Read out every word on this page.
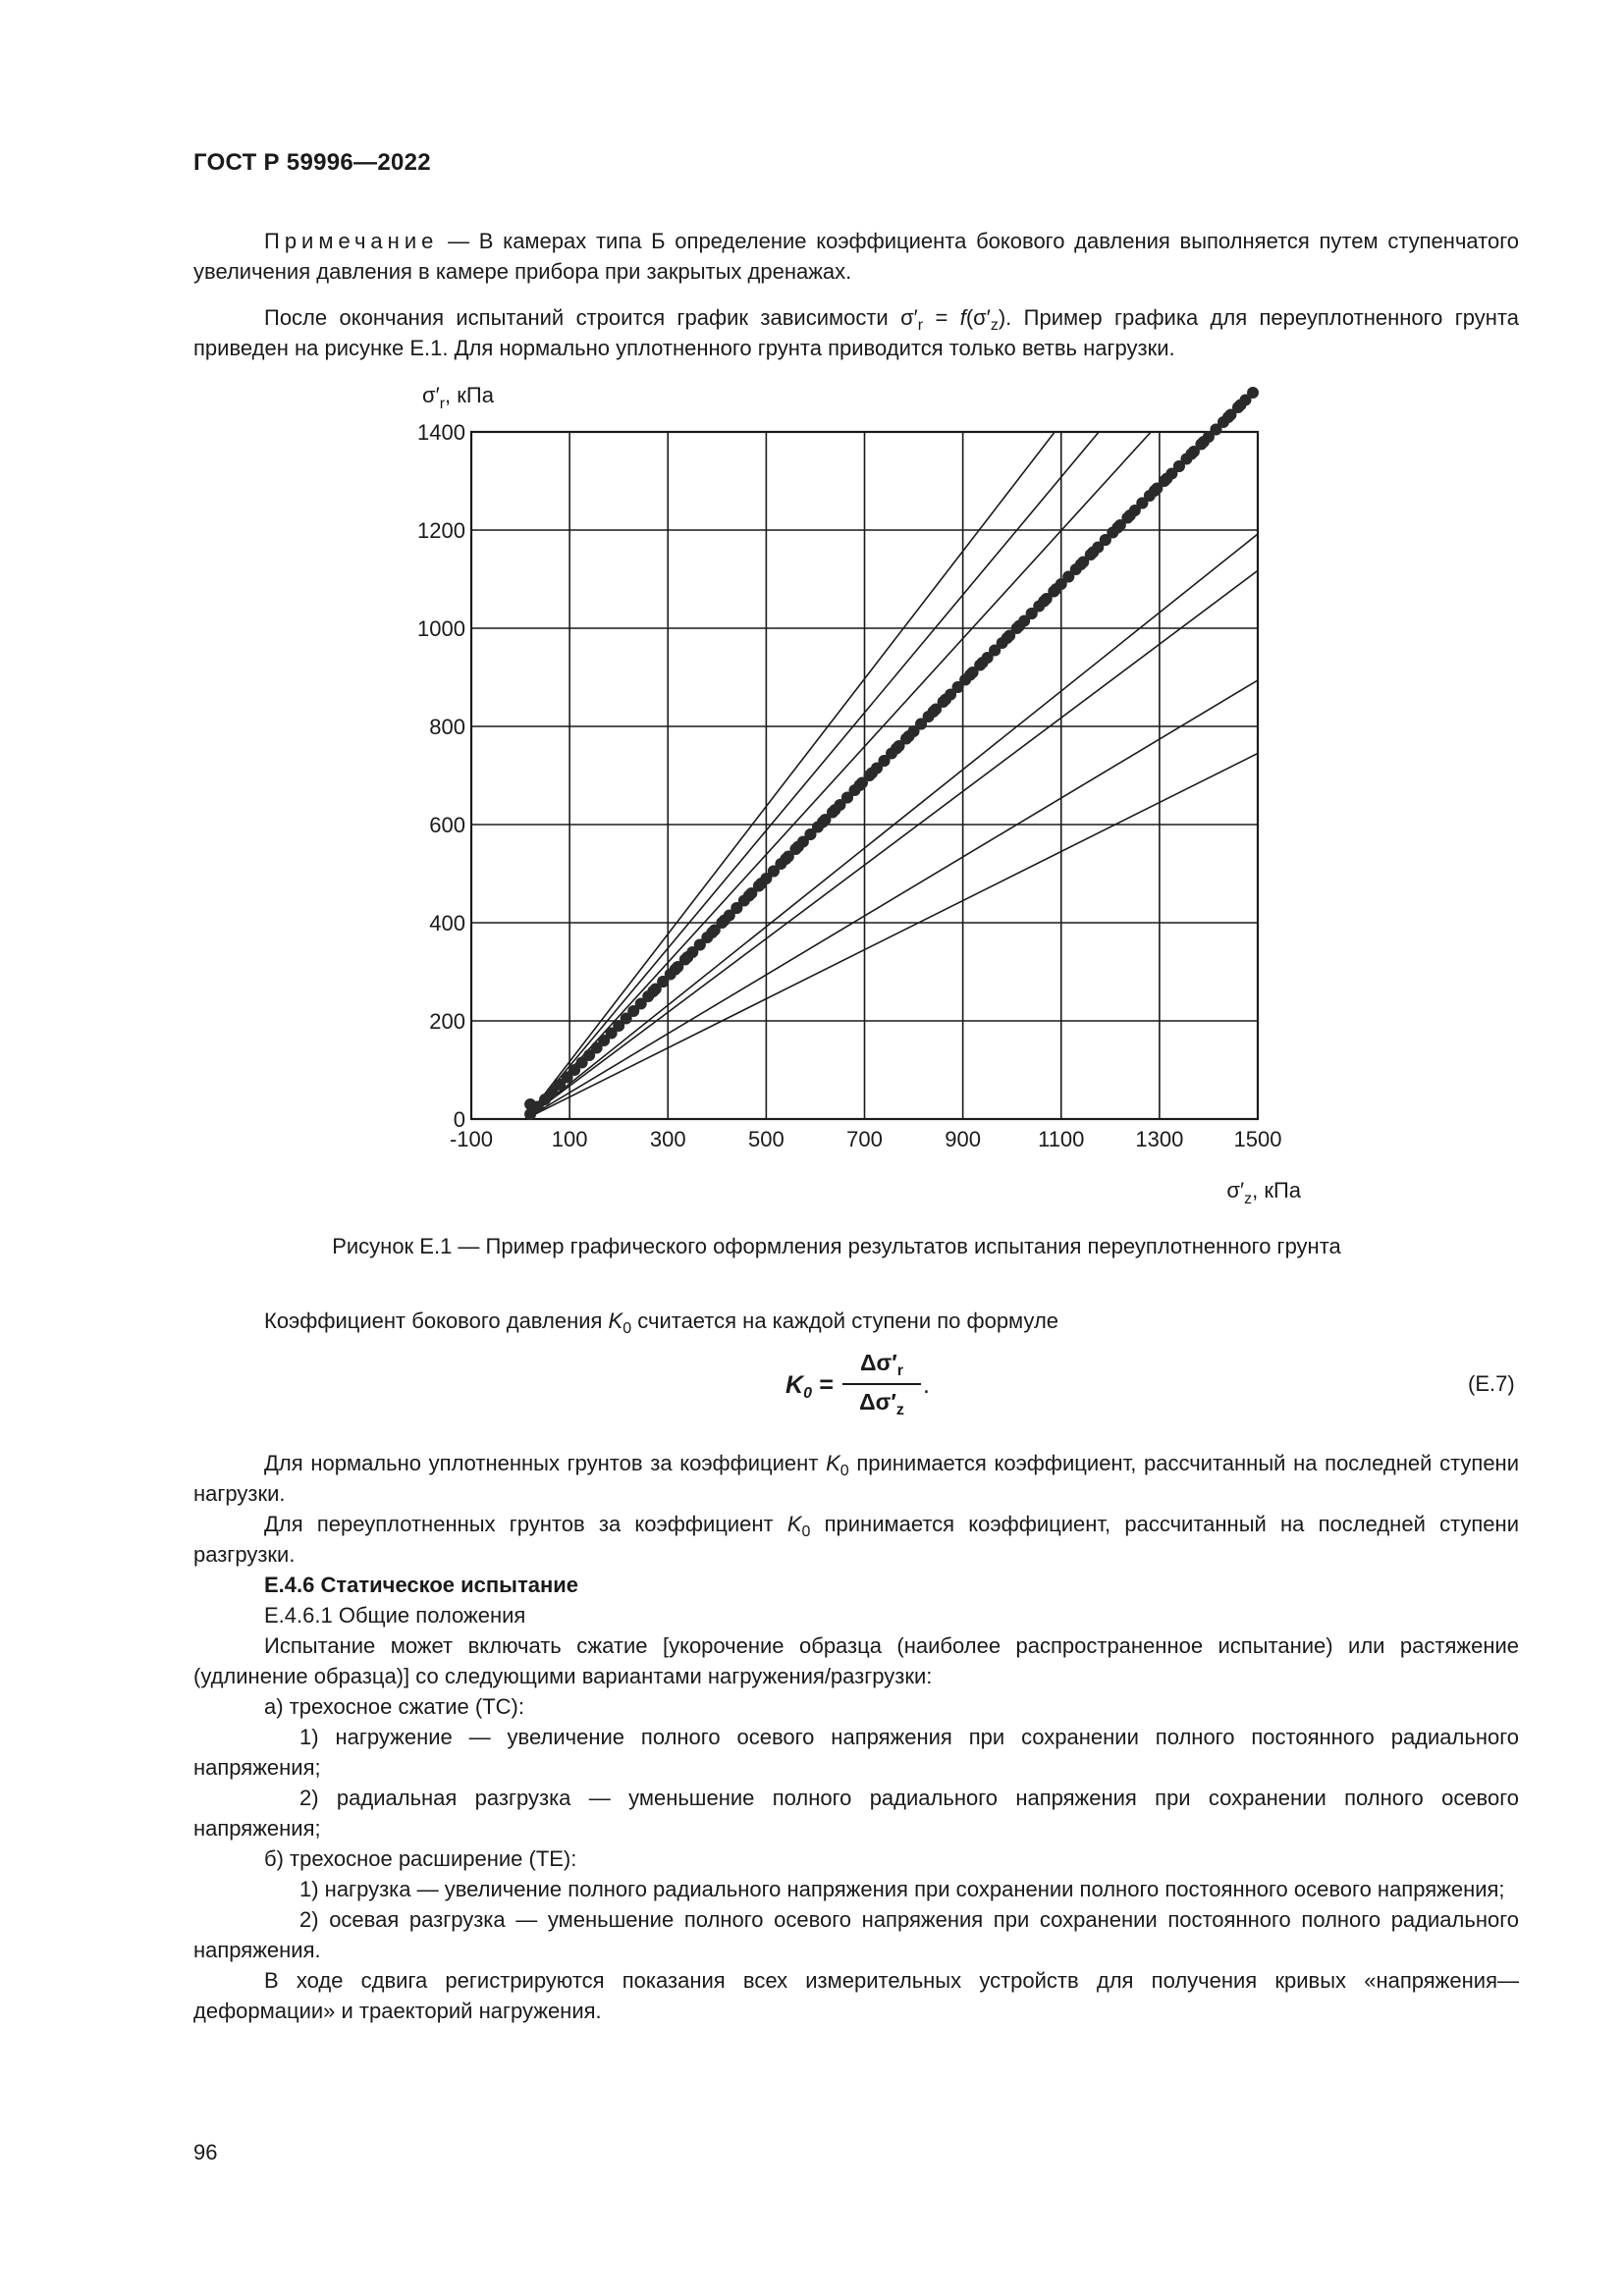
ГОСТ Р 59996—2022

Примечание — В камерах типа Б определение коэффициента бокового давления выполняется путем ступенчатого увеличения давления в камере прибора при закрытых дренажах.

После окончания испытаний строится график зависимости $\sigma'_r = f(\sigma'_z)$. Пример графика для переуплотненного грунта приведен на рисунке Е.1. Для нормально уплотненного грунта приводится только ветвь нагрузки.

$\sigma'_r$, кПа
$\sigma'_z$, кПа
-100	100	300	500	700	900	1100 1300 1500
0
200
400
600
800
1000
1200
1400
Рисунок Е.1 — Пример графического оформления результатов испытания переуплотненного грунта

Коэффициент бокового давления $K_0$ считается на каждой ступени по формуле

$K_0$ =
$\Delta\sigma'_r$
$\Delta\sigma'_z$
.	(Е.7)

Для нормально уплотненных грунтов за коэффициент $K_0$ принимается коэффициент, рассчитанный на последней ступени нагрузки.

Для переуплотненных грунтов за коэффициент $K_0$ принимается коэффициент, рассчитанный на последней ступени разгрузки.

Е.4.6 Статическое испытание

Е.4.6.1 Общие положения

Испытание может включать сжатие [укорочение образца (наиболее распространенное испытание) или растяжение (удлинение образца)] со следующими вариантами нагружения/разгрузки:

а) трехосное сжатие (ТС):

1) нагружение — увеличение полного осевого напряжения при сохранении полного постоянного радиального напряжения;

2) радиальная разгрузка — уменьшение полного радиального напряжения при сохранении полного осевого напряжения;

б) трехосное расширение (ТЕ):

1) нагрузка — увеличение полного радиального напряжения при сохранении полного постоянного осевого напряжения;

2) осевая разгрузка — уменьшение полного осевого напряжения при сохранении постоянного полного радиального напряжения.

В ходе сдвига регистрируются показания всех измерительных устройств для получения кривых «напряжения—деформации» и траекторий нагружения.

96
